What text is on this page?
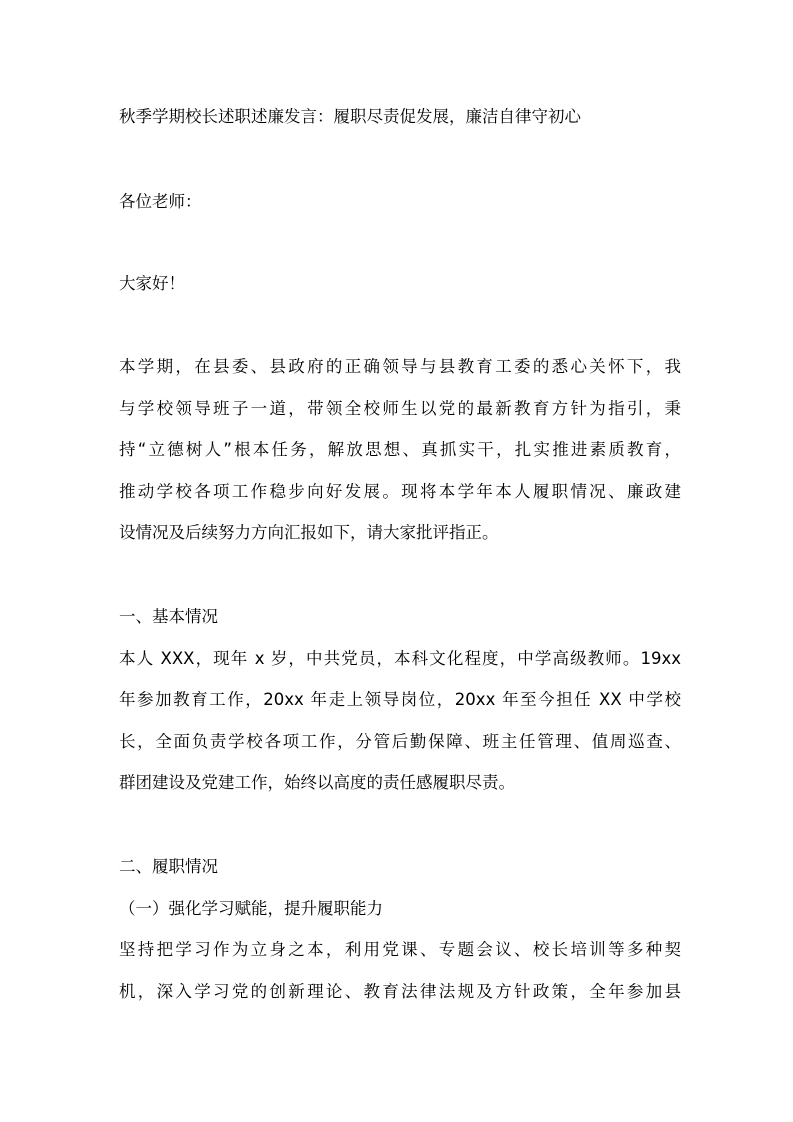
秋季学期校长述职述廉发言：履职尽责促发展，廉洁自律守初心

各位老师：

大家好！

本学期，在县委、县政府的正确领导与县教育工委的悉心关怀下，我

与学校领导班子一道，带领全校师生以党的最新教育方针为指引，秉

持“立德树人”根本任务，解放思想、真抓实干，扎实推进素质教育，

推动学校各项工作稳步向好发展。现将本学年本人履职情况、廉政建

设情况及后续努力方向汇报如下，请大家批评指正。

一、基本情况

本人 XXX，现年 x 岁，中共党员，本科文化程度，中学高级教师。19xx

年参加教育工作，20xx 年走上领导岗位，20xx 年至今担任 XX 中学校

长，全面负责学校各项工作，分管后勤保障、班主任管理、值周巡查、

群团建设及党建工作，始终以高度的责任感履职尽责。

二、履职情况

（一）强化学习赋能，提升履职能力

坚持把学习作为立身之本，利用党课、专题会议、校长培训等多种契

机，深入学习党的创新理论、教育法律法规及方针政策，全年参加县
